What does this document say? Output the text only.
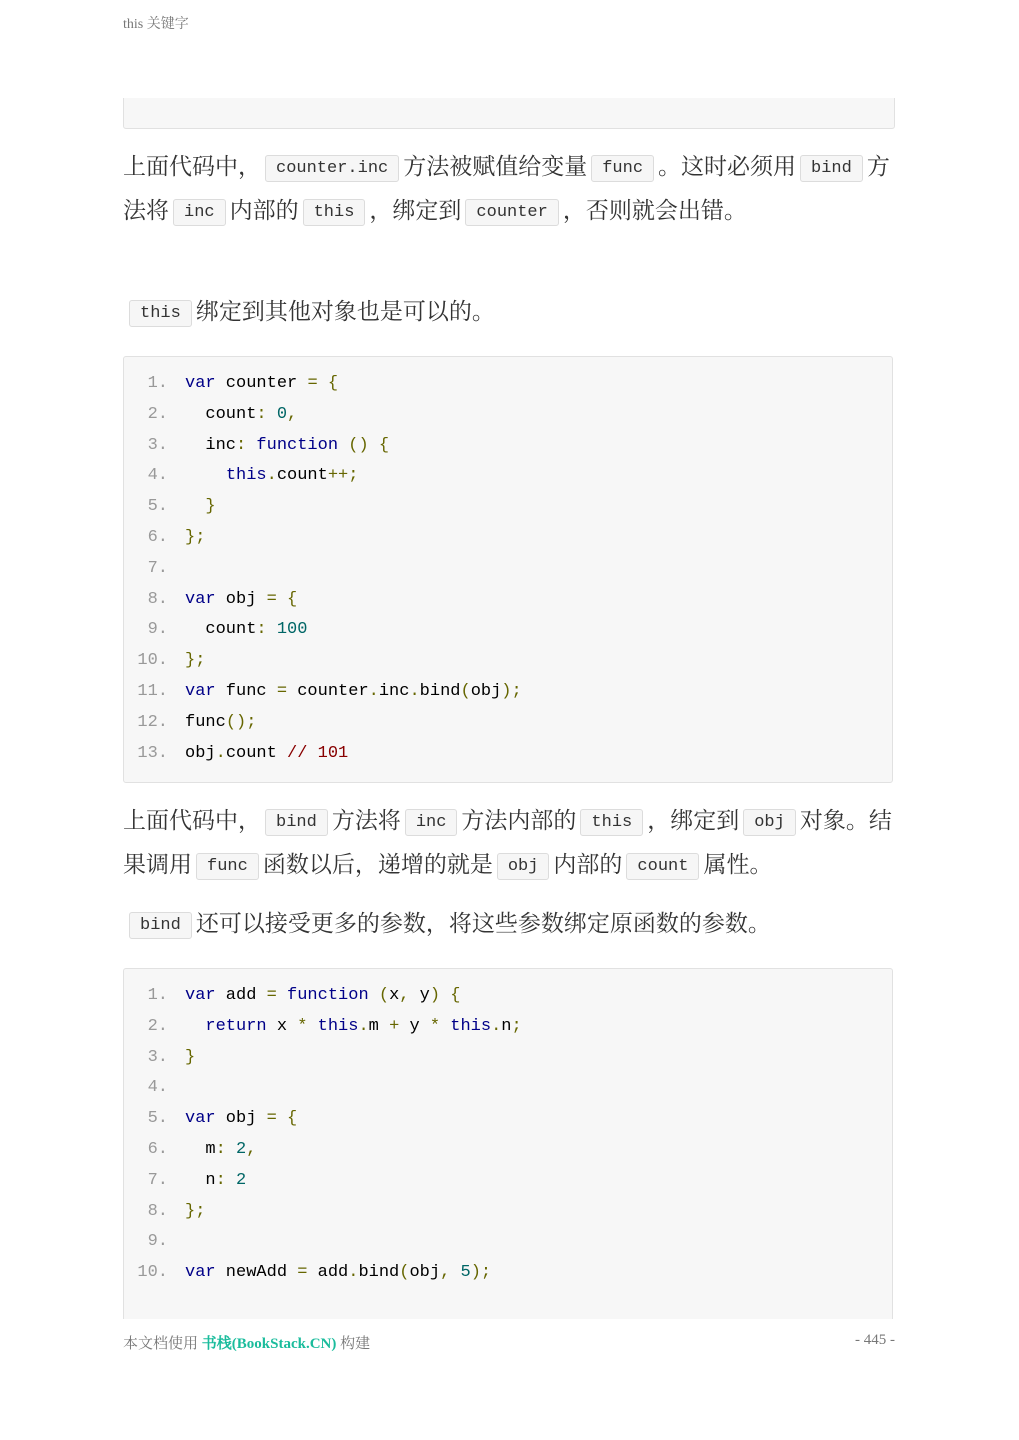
this 关键字

上面代码中， counter.inc 方法被赋值给变量 func 。这时必须用 bind 方法将 inc 内部的 this ，绑定到 counter ，否则就会出错。

this 绑定到其他对象也是可以的。

1. var counter = {
2.  count: 0,
3.  inc: function () {
4.	this.count++;
5. }
6. };
7.
8. var obj = {
9.  count: 100
10. };
11. var func = counter.inc.bind(obj);
12. func();
13. obj.count // 101

上面代码中， bind 方法将 inc 方法内部的 this ，绑定到 obj 对象。结果调用 func 函数以后，递增的就是 obj 内部的 count 属性。

bind 还可以接受更多的参数，将这些参数绑定原函数的参数。

1. var add = function (x, y) {
2. return x * this.m + y * this.n;
3. }
4.
5. var obj = {
6.  m: 2,
7.  n: 2
8. };
9.
10. var newAdd = add.bind(obj, 5);
本文档使用 书栈(BookStack.CN) 构建	- 445 -
